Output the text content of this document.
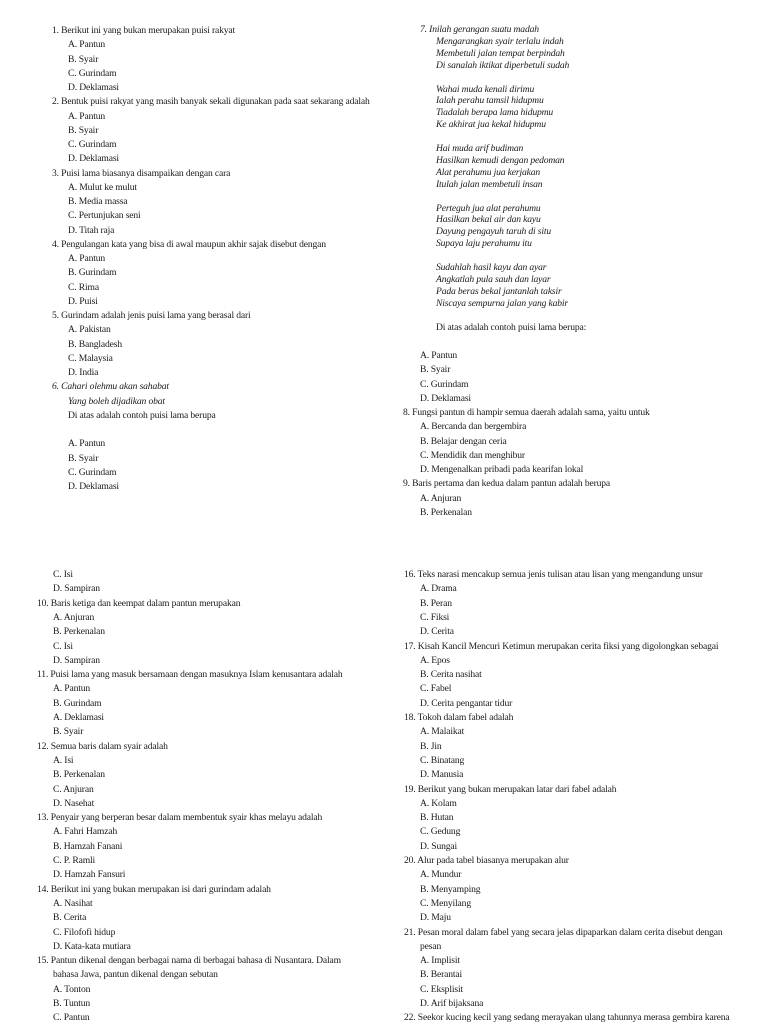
1. Berikut ini yang bukan merupakan puisi rakyat
A. Pantun
B. Syair
C. Gurindam
D. Deklamasi
2. Bentuk puisi rakyat yang masih banyak sekali digunakan pada saat sekarang adalah
A. Pantun
B. Syair
C. Gurindam
D. Deklamasi
3. Puisi lama biasanya disampaikan dengan cara
A. Mulut ke mulut
B. Media massa
C. Pertunjukan seni
D. Titah raja
4. Pengulangan kata yang bisa di awal maupun akhir sajak disebut dengan
A. Pantun
B. Gurindam
C. Rima
D. Puisi
5. Gurindam adalah jenis puisi lama yang berasal dari
A. Pakistan
B. Bangladesh
C. Malaysia
D. India
6. Cahari olehmu akan sahabat
Yang boleh dijadikan obat
Di atas adalah contoh puisi lama berupa
A. Pantun
B. Syair
C. Gurindam
D. Deklamasi
7. Inilah gerangan suatu madah
Mengarangkan syair terlalu indah
Membetuli jalan tempat berpindah
Di sanalah iktikat diperbetuli sudah
Wahai muda kenali dirimu
Ialah perahu tamsil hidupmu
Tiadalah berapa lama hidupmu
Ke akhirat jua kekal hidupmu
Hai muda arif budiman
Hasilkan kemudi dengan pedoman
Alat perahumu jua kerjakan
Itulah jalan membetuli insan
Perteguh jua alat perahumu
Hasilkan bekal air dan kayu
Dayung pengayuh taruh di situ
Supaya laju perahumu itu
Sudahlah hasil kayu dan ayar
Angkatlah pula sauh dan layar
Pada beras bekal jantanlah taksir
Niscaya sempurna jalan yang kabir
Di atas adalah contoh puisi lama berupa:
A. Pantun
B. Syair
C. Gurindam
D. Deklamasi
8. Fungsi pantun di hampir semua daerah adalah sama, yaitu untuk
A. Bercanda dan bergembira
B. Belajar dengan ceria
C. Mendidik dan menghibur
D. Mengenalkan pribadi pada kearifan lokal
9. Baris pertama dan kedua dalam pantun adalah berupa
A. Anjuran
B. Perkenalan
C. Isi
D. Sampiran
10. Baris ketiga dan keempat dalam pantun merupakan
A. Anjuran
B. Perkenalan
C. Isi
D. Sampiran
11. Puisi lama yang masuk bersamaan dengan masuknya Islam kenusantara adalah
A. Pantun
B. Gurindam
A. Deklamasi
B. Syair
12. Semua baris dalam syair adalah
A. Isi
B. Perkenalan
C. Anjuran
D. Nasehat
13. Penyair yang berperan besar dalam membentuk syair khas melayu adalah
A. Fahri Hamzah
B. Hamzah Fanani
C. P. Ramli
D. Hamzah Fansuri
14. Berikut ini yang bukan merupakan isi dari gurindam adalah
A. Nasihat
B. Cerita
C. Filofofi hidup
D. Kata-kata mutiara
15. Pantun dikenal dengan berbagai nama di berbagai bahasa di Nusantara. Dalam
bahasa Jawa, pantun dikenal dengan sebutan
A. Tonton
B. Tuntun
C. Pantun
16. Teks narasi mencakup semua jenis tulisan atau lisan yang mengandung unsur
A. Drama
B. Peran
C. Fiksi
D. Cerita
17. Kisah Kancil Mencuri Ketimun merupakan cerita fiksi yang digolongkan sebagai
A. Epos
B. Cerita nasihat
C. Fabel
D. Cerita pengantar tidur
18. Tokoh dalam fabel adalah
A. Malaikat
B. Jin
C. Binatang
D. Manusia
19. Berikut yang bukan merupakan latar dari fabel adalah
A. Kolam
B. Hutan
C. Gedung
D. Sungai
20. Alur pada tabel biasanya merupakan alur
A. Mundur
B. Menyamping
C. Menyilang
D. Maju
21. Pesan moral dalam fabel yang secara jelas dipaparkan dalam cerita disebut dengan
pesan
A. Implisit
B. Berantai
C. Eksplisit
D. Arif bijaksana
22. Seekor kucing kecil yang sedang merayakan ulang tahunnya merasa gembira karena
